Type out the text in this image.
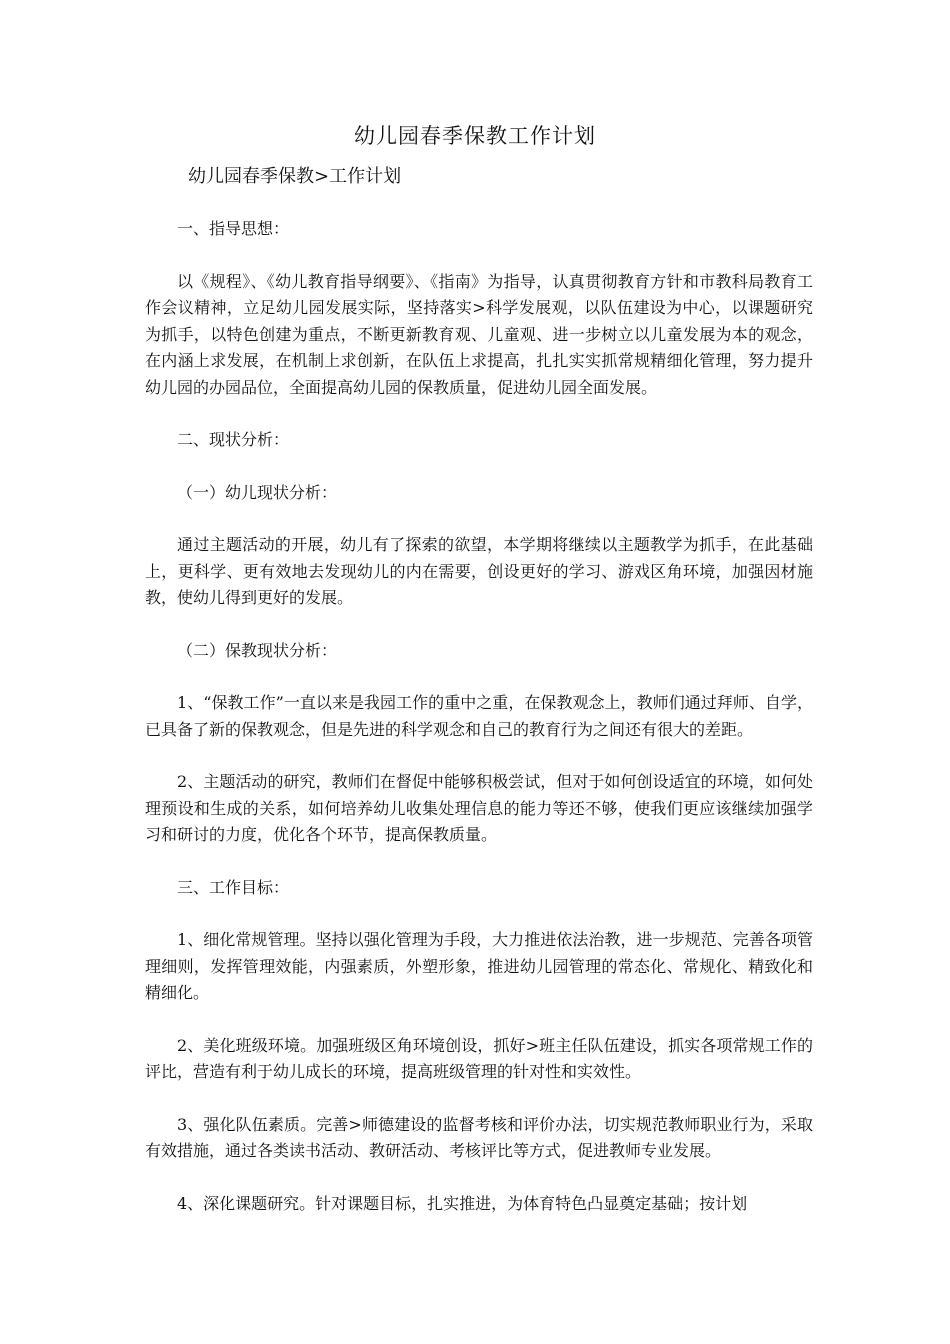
幼儿园春季保教工作计划
幼儿园春季保教>工作计划

一、指导思想：

以《规程》、《幼儿教育指导纲要》、《指南》为指导，认真贯彻教育方针和市教科局教育工作会议精神，立足幼儿园发展实际，坚持落实>科学发展观，以队伍建设为中心，以课题研究为抓手，以特色创建为重点，不断更新教育观、儿童观、进一步树立以儿童发展为本的观念，在内涵上求发展，在机制上求创新，在队伍上求提高，扎扎实实抓常规精细化管理，努力提升幼儿园的办园品位，全面提高幼儿园的保教质量，促进幼儿园全面发展。

二、现状分析：

（一）幼儿现状分析：

通过主题活动的开展，幼儿有了探索的欲望，本学期将继续以主题教学为抓手，在此基础上，更科学、更有效地去发现幼儿的内在需要，创设更好的学习、游戏区角环境，加强因材施教，使幼儿得到更好的发展。

（二）保教现状分析：

1、“保教工作”一直以来是我园工作的重中之重，在保教观念上，教师们通过拜师、自学，已具备了新的保教观念，但是先进的科学观念和自己的教育行为之间还有很大的差距。

2、主题活动的研究，教师们在督促中能够积极尝试，但对于如何创设适宜的环境，如何处理预设和生成的关系，如何培养幼儿收集处理信息的能力等还不够，使我们更应该继续加强学习和研讨的力度，优化各个环节，提高保教质量。

三、工作目标：

1、细化常规管理。坚持以强化管理为手段，大力推进依法治教，进一步规范、完善各项管理细则，发挥管理效能，内强素质，外塑形象，推进幼儿园管理的常态化、常规化、精致化和精细化。

2、美化班级环境。加强班级区角环境创设，抓好>班主任队伍建设，抓实各项常规工作的评比，营造有利于幼儿成长的环境，提高班级管理的针对性和实效性。

3、强化队伍素质。完善>师德建设的监督考核和评价办法，切实规范教师职业行为，采取有效措施，通过各类读书活动、教研活动、考核评比等方式，促进教师专业发展。

4、深化课题研究。针对课题目标，扎实推进，为体育特色凸显奠定基础；按计划
